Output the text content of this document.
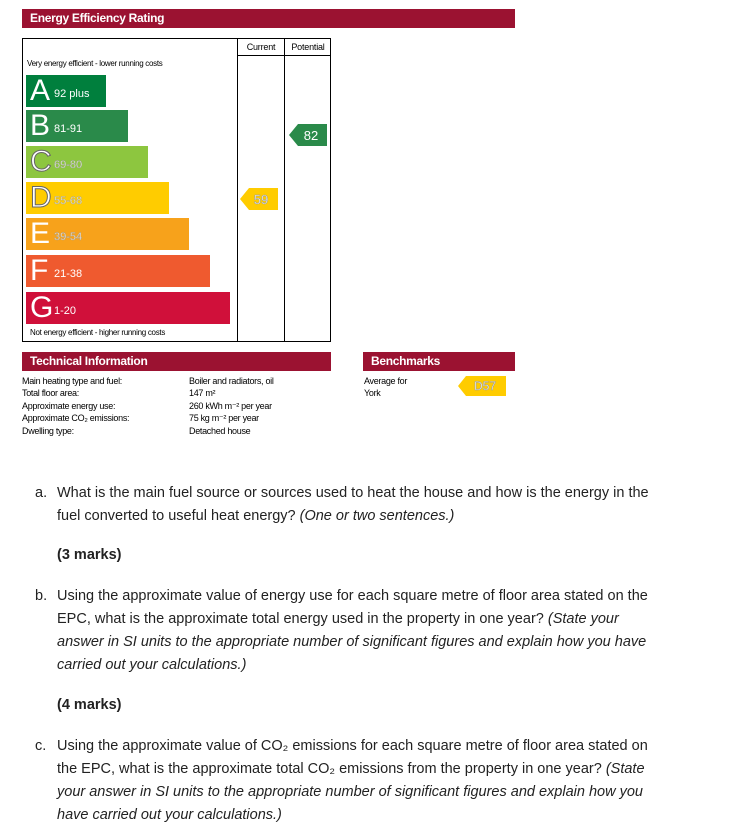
Energy Efficiency Rating
Current	Potential
Very energy efficient - lower running costs
Not energy efficient - higher running costs
A 92 plus
B 81-91
C 69-80
D 55-68
E 39-54
F 21-38
G 1-20
59
82
Technical Information
Main heating type and fuel:
Total floor area:
Approximate energy use:
Approximate CO₂ emissions:
Dwelling type:
Boiler and radiators, oil
147 m²
260 kWh m⁻² per year
75 kg m⁻² per year
Detached house
Benchmarks
Average for
York	D57
a. What is the main fuel source or sources used to heat the house and how is the energy in the fuel converted to useful heat energy? (One or two sentences.)
(3 marks)
b. Using the approximate value of energy use for each square metre of floor area stated on the EPC, what is the approximate total energy used in the property in one year? (State your answer in SI units to the appropriate number of significant figures and explain how you have carried out your calculations.)
(4 marks)
c. Using the approximate value of CO₂ emissions for each square metre of floor area stated on the EPC, what is the approximate total CO₂ emissions from the property in one year? (State your answer in SI units to the appropriate number of significant figures and explain how you have carried out your calculations.)
